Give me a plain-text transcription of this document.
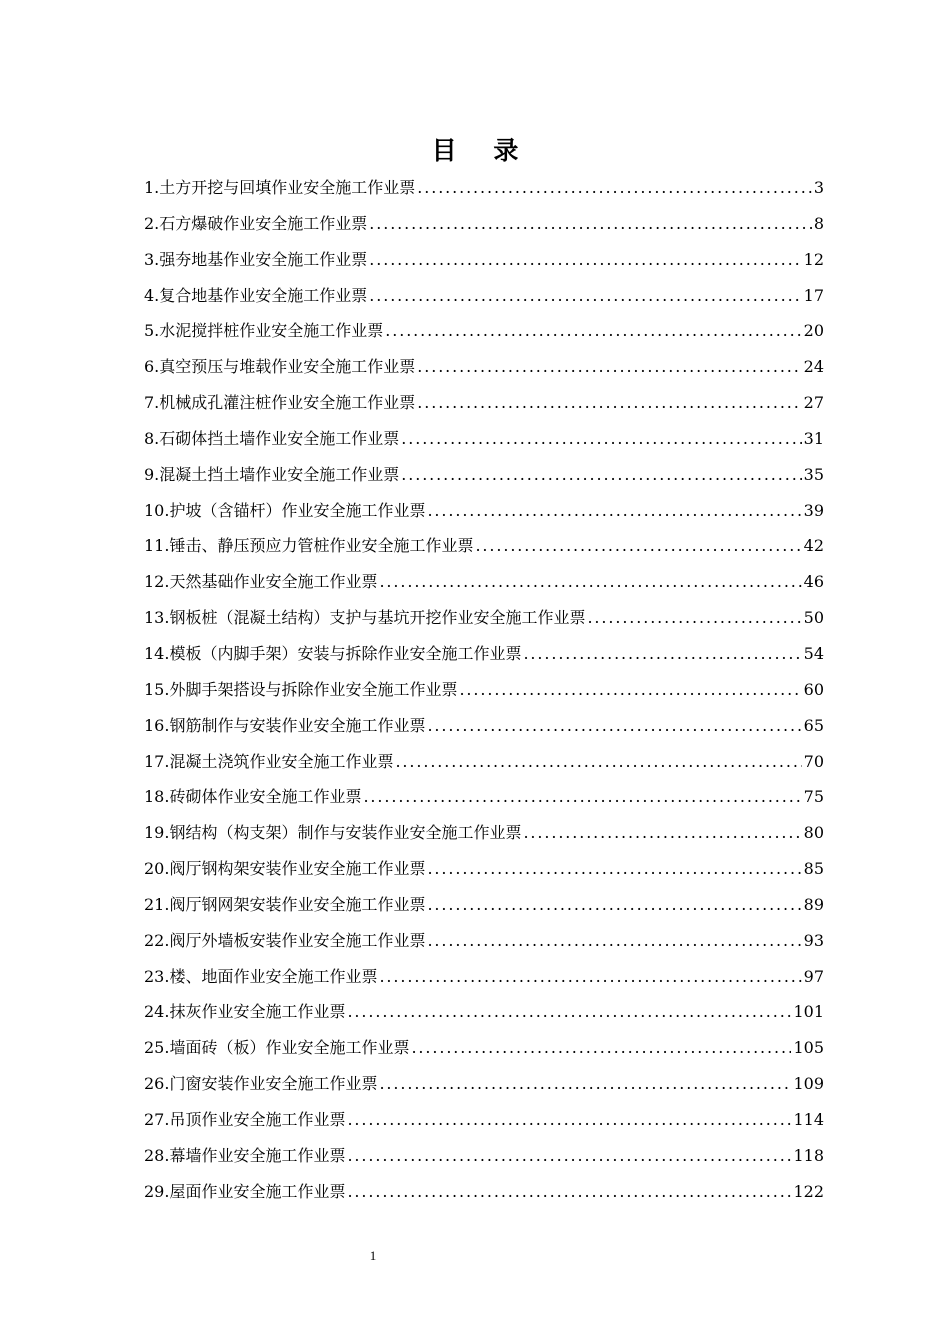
目 录
1.土方开挖与回填作业安全施工作业票 . . .	3
2.石方爆破作业安全施工作业票 . . .	8
3.强夯地基作业安全施工作业票 . . .	12
4.复合地基作业安全施工作业票 . . .	17
5.水泥搅拌桩作业安全施工作业票 . . .	20
6.真空预压与堆载作业安全施工作业票 . . .	24
7.机械成孔灌注桩作业安全施工作业票 . . .	27
8.石砌体挡土墙作业安全施工作业票 . . .	31
9.混凝土挡土墙作业安全施工作业票 . . .	35
10.护坡（含锚杆）作业安全施工作业票 . . .	39
11.锤击、静压预应力管桩作业安全施工作业票 . . .	42
12.天然基础作业安全施工作业票 . . .	46
13.钢板桩（混凝土结构）支护与基坑开挖作业安全施工作业票 . . .	50
14.模板（内脚手架）安装与拆除作业安全施工作业票 . . .	54
15.外脚手架搭设与拆除作业安全施工作业票 . . .	60
16.钢筋制作与安装作业安全施工作业票 . . .	65
17.混凝土浇筑作业安全施工作业票 . . .	70
18.砖砌体作业安全施工作业票 . . .	75
19.钢结构（构支架）制作与安装作业安全施工作业票 . . .	80
20.阀厅钢构架安装作业安全施工作业票 . . .	85
21.阀厅钢网架安装作业安全施工作业票 . . .	89
22.阀厅外墙板安装作业安全施工作业票 . . .	93
23.楼、地面作业安全施工作业票 . . .	97
24.抹灰作业安全施工作业票 . . .	101
25.墙面砖（板）作业安全施工作业票 . . .	105
26.门窗安装作业安全施工作业票 . . .	109
27.吊顶作业安全施工作业票 . . .	114
28.幕墙作业安全施工作业票 . . .	118
29.屋面作业安全施工作业票 . . .	122
1
